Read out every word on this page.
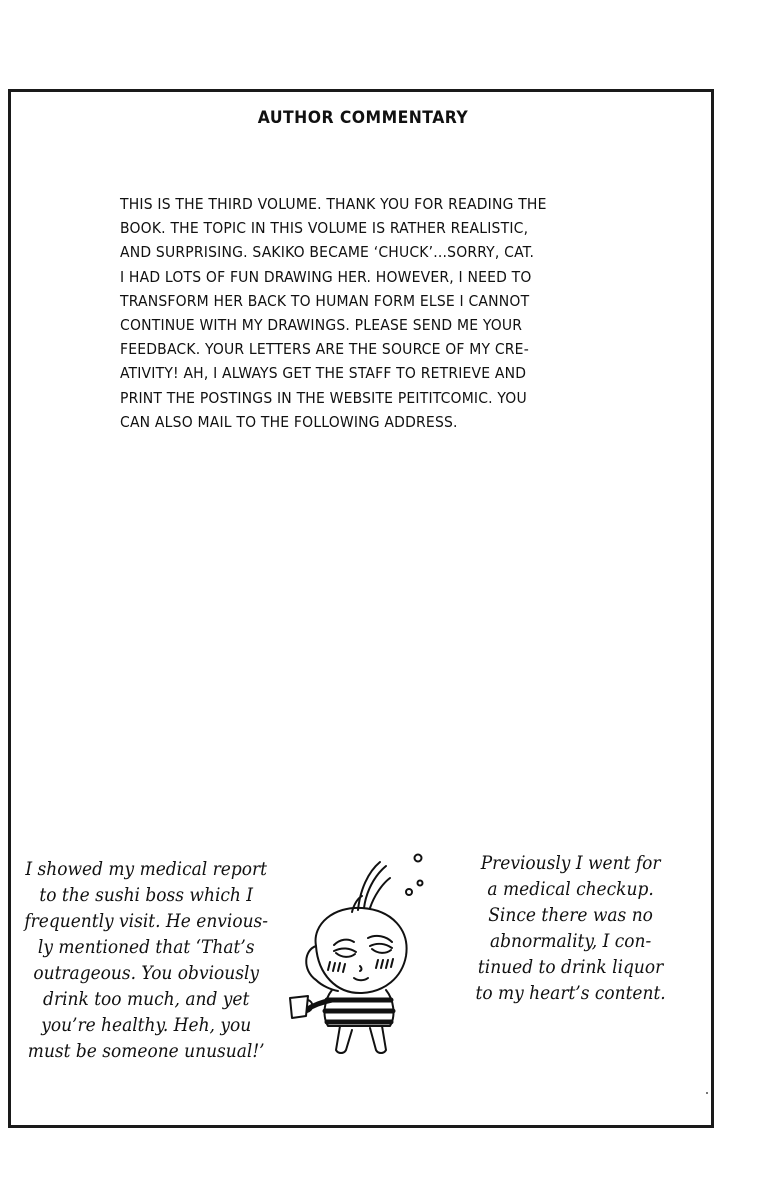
AUTHOR COMMENTARY

THIS IS THE THIRD VOLUME. THANK YOU FOR READING THE
BOOK. THE TOPIC IN THIS VOLUME IS RATHER REALISTIC,
AND SURPRISING. SAKIKO BECAME ‘CHUCK’...SORRY, CAT.
I HAD LOTS OF FUN DRAWING HER. HOWEVER, I NEED TO
TRANSFORM HER BACK TO HUMAN FORM ELSE I CANNOT
CONTINUE WITH MY DRAWINGS. PLEASE SEND ME YOUR
FEEDBACK. YOUR LETTERS ARE THE SOURCE OF MY CRE-
ATIVITY! AH, I ALWAYS GET THE STAFF TO RETRIEVE AND
PRINT THE POSTINGS IN THE WEBSITE PEITITCOMIC. YOU
CAN ALSO MAIL TO THE FOLLOWING ADDRESS.

I showed my medical report
to the sushi boss which I
frequently visit. He envious-
ly mentioned that ‘That’s
outrageous. You obviously
drink too much, and yet
you’re healthy. Heh, you
must be someone unusual!’

Previously I went for
a medical checkup.
Since there was no
abnormality, I con-
tinued to drink liquor
to my heart’s content.
